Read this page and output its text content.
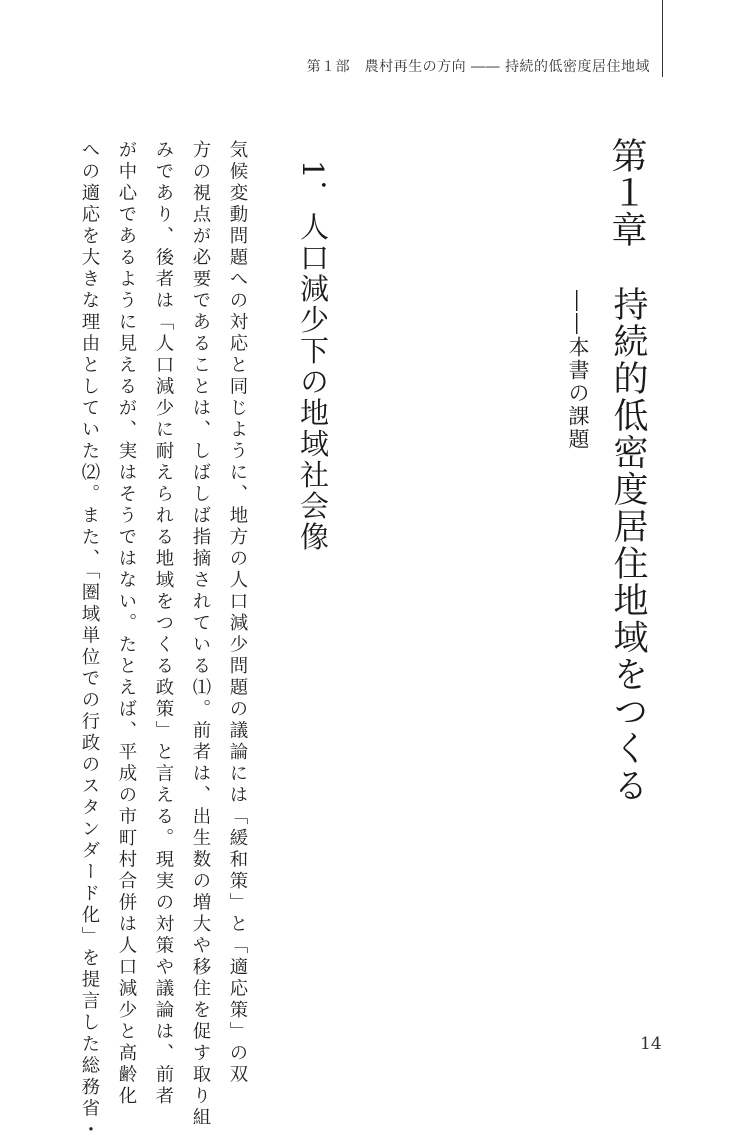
第１部　農村再生の方向 ―― 持続的低密度居住地域
第１章
持続的低密度居住地域をつくる
――本書の課題
1．人口減少下の地域社会像
気候変動問題への対応と同じように、地方の人口減少問題の議論には「緩和策」と「適応策」の双
方の視点が必要であることは、しばしば指摘されている⑴。前者は、出生数の増大や移住を促す取り組
みであり、後者は「人口減少に耐えられる地域をつくる政策」と言える。現実の対策や議論は、前者
が中心であるように見えるが、実はそうではない。たとえば、平成の市町村合併は人口減少と高齢化
への適応を大きな理由としていた⑵。また、「圏域単位での行政のスタンダード化」を提言した総務省・	14
